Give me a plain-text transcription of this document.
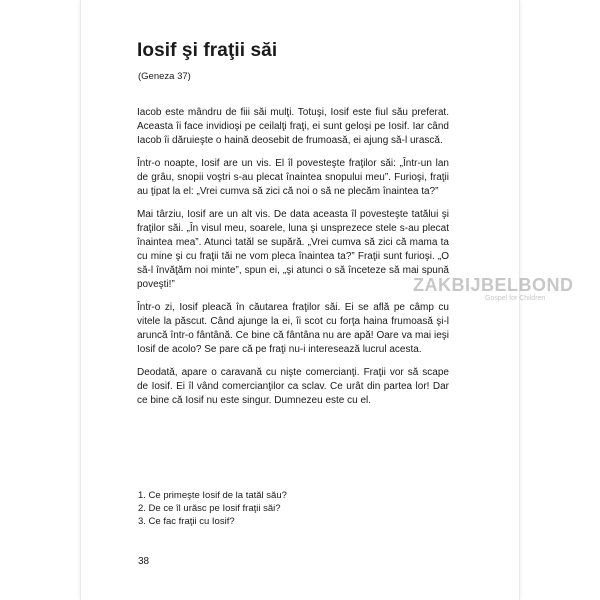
Iosif şi fraţii săi
(Geneza 37)

Iacob este mândru de fiii săi mulţi. Totuşi, Iosif este fiul său preferat. Aceasta îi face invidioşi pe ceilalţi fraţi, ei sunt geloşi pe Iosif. Iar când Iacob îi dăruieşte o haină deosebit de frumoasă, ei ajung să-l urască.

Într-o noapte, Iosif are un vis. El îl povesteşte fraţilor săi: „Într-un lan de grâu, snopii voştri s-au plecat înaintea snopului meu”. Furioşi, fraţii au ţipat la el: „Vrei cumva să zici că noi o să ne plecăm înaintea ta?”

Mai târziu, Iosif are un alt vis. De data aceasta îl povesteşte tatălui şi fraţilor săi. „În visul meu, soarele, luna şi unsprezece stele s-au plecat înaintea mea”. Atunci tatăl se supără. „Vrei cumva să zici că mama ta cu mine şi cu fraţii tăi ne vom pleca înaintea ta?” Fraţii sunt furioşi. „O să-l învăţăm noi minte”, spun ei, „şi atunci o să înceteze să mai spună poveşti!”

Într-o zi, Iosif pleacă în căutarea fraţilor săi. Ei se află pe câmp cu vitele la păscut. Când ajunge la ei, îi scot cu forţa haina frumoasă şi-l aruncă într-o fântână. Ce bine că fântâna nu are apă! Oare va mai ieşi Iosif de acolo? Se pare că pe fraţi nu-i interesează lucrul acesta.

Deodată, apare o caravană cu nişte comercianţi. Fraţii vor să scape de Iosif. Ei îl vând comercianţilor ca sclav. Ce urât din partea lor! Dar ce bine că Iosif nu este singur. Dumnezeu este cu el.

ZAKBIJBELBOND
Gospel for Children
1. Ce primeşte Iosif de la tatăl său?
2. De ce îl urăsc pe Iosif fraţii săi?
3. Ce fac fraţii cu Iosif?
38
